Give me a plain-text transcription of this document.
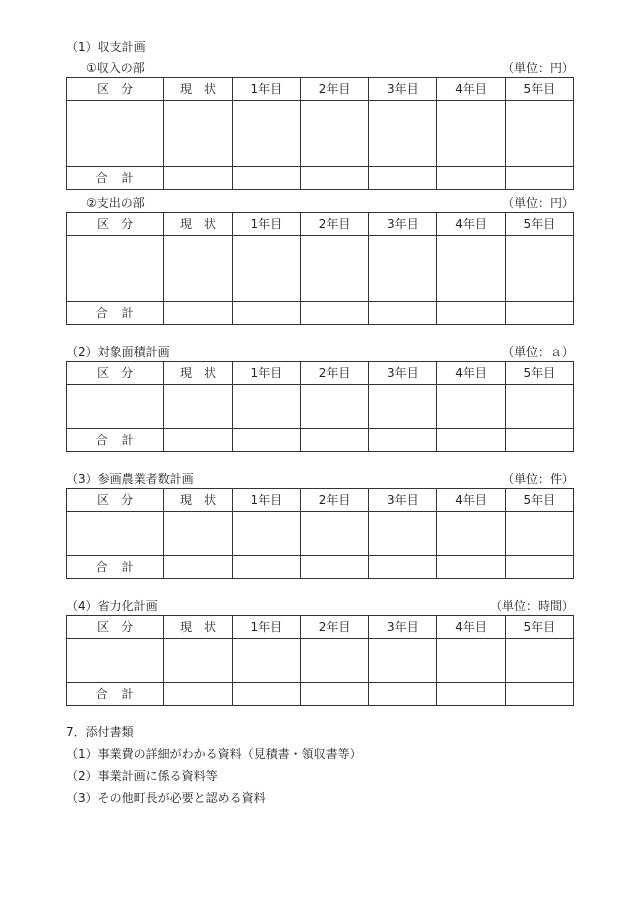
（1）収支計画
①収入の部	（単位：円）
区　分	現　状	1年目	2年目	3年目	4年目	5年目

合　計						
②支出の部	（単位：円）
区　分	現　状	1年目	2年目	3年目	4年目	5年目

合　計						
（2）対象面積計画	（単位：ａ）
区　分	現　状	1年目	2年目	3年目	4年目	5年目

合　計						
（3）参画農業者数計画	（単位：件）
区　分	現　状	1年目	2年目	3年目	4年目	5年目

合　計						
（4）省力化計画	（単位：時間）
区　分	現　状	1年目	2年目	3年目	4年目	5年目

合　計						
7．添付書類
（1）事業費の詳細がわかる資料（見積書・領収書等）
（2）事業計画に係る資料等
（3）その他町長が必要と認める資料
